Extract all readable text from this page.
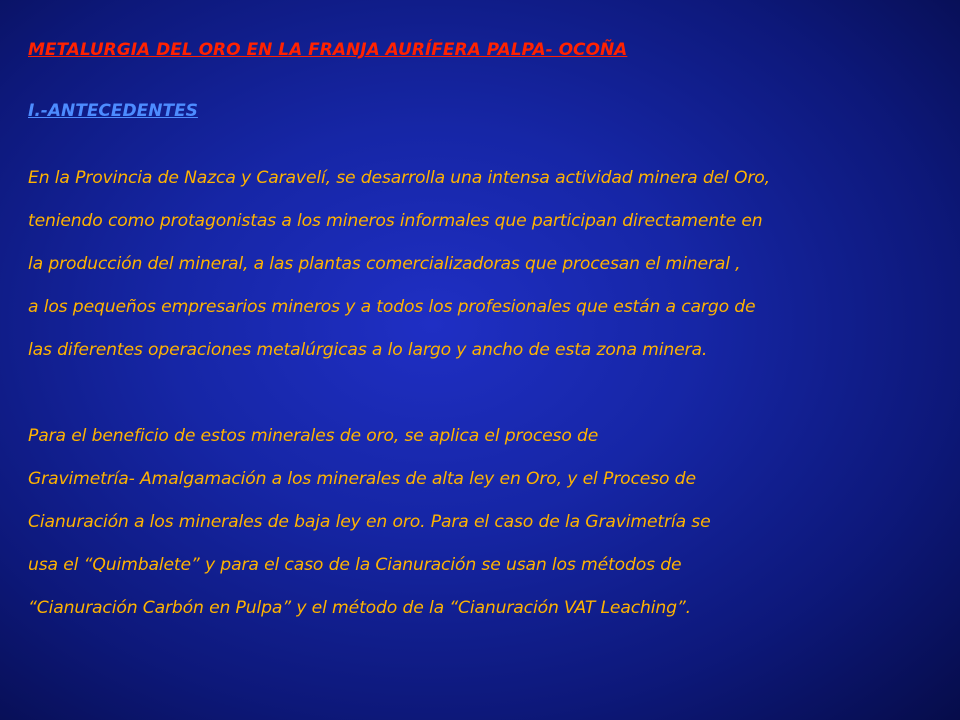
METALURGIA DEL ORO EN LA FRANJA AURÍFERA PALPA- OCOÑA
I.-ANTECEDENTES
En la Provincia de Nazca y Caravelí, se desarrolla una intensa actividad minera del Oro,
teniendo como protagonistas a los mineros informales que participan directamente en
la producción del mineral, a las plantas comercializadoras que procesan el mineral ,
a los pequeños empresarios mineros y a todos los profesionales que están a cargo de
las diferentes operaciones metalúrgicas a lo largo y ancho de esta zona minera.
Para el beneficio de estos minerales de oro, se aplica el proceso de
Gravimetría- Amalgamación a los minerales de alta ley en Oro, y el Proceso de
Cianuración a los minerales de baja ley en oro. Para el caso de la Gravimetría se
usa el “Quimbalete” y para el caso de la Cianuración se usan los métodos de
“Cianuración Carbón en Pulpa” y el método de la “Cianuración VAT Leaching”.
